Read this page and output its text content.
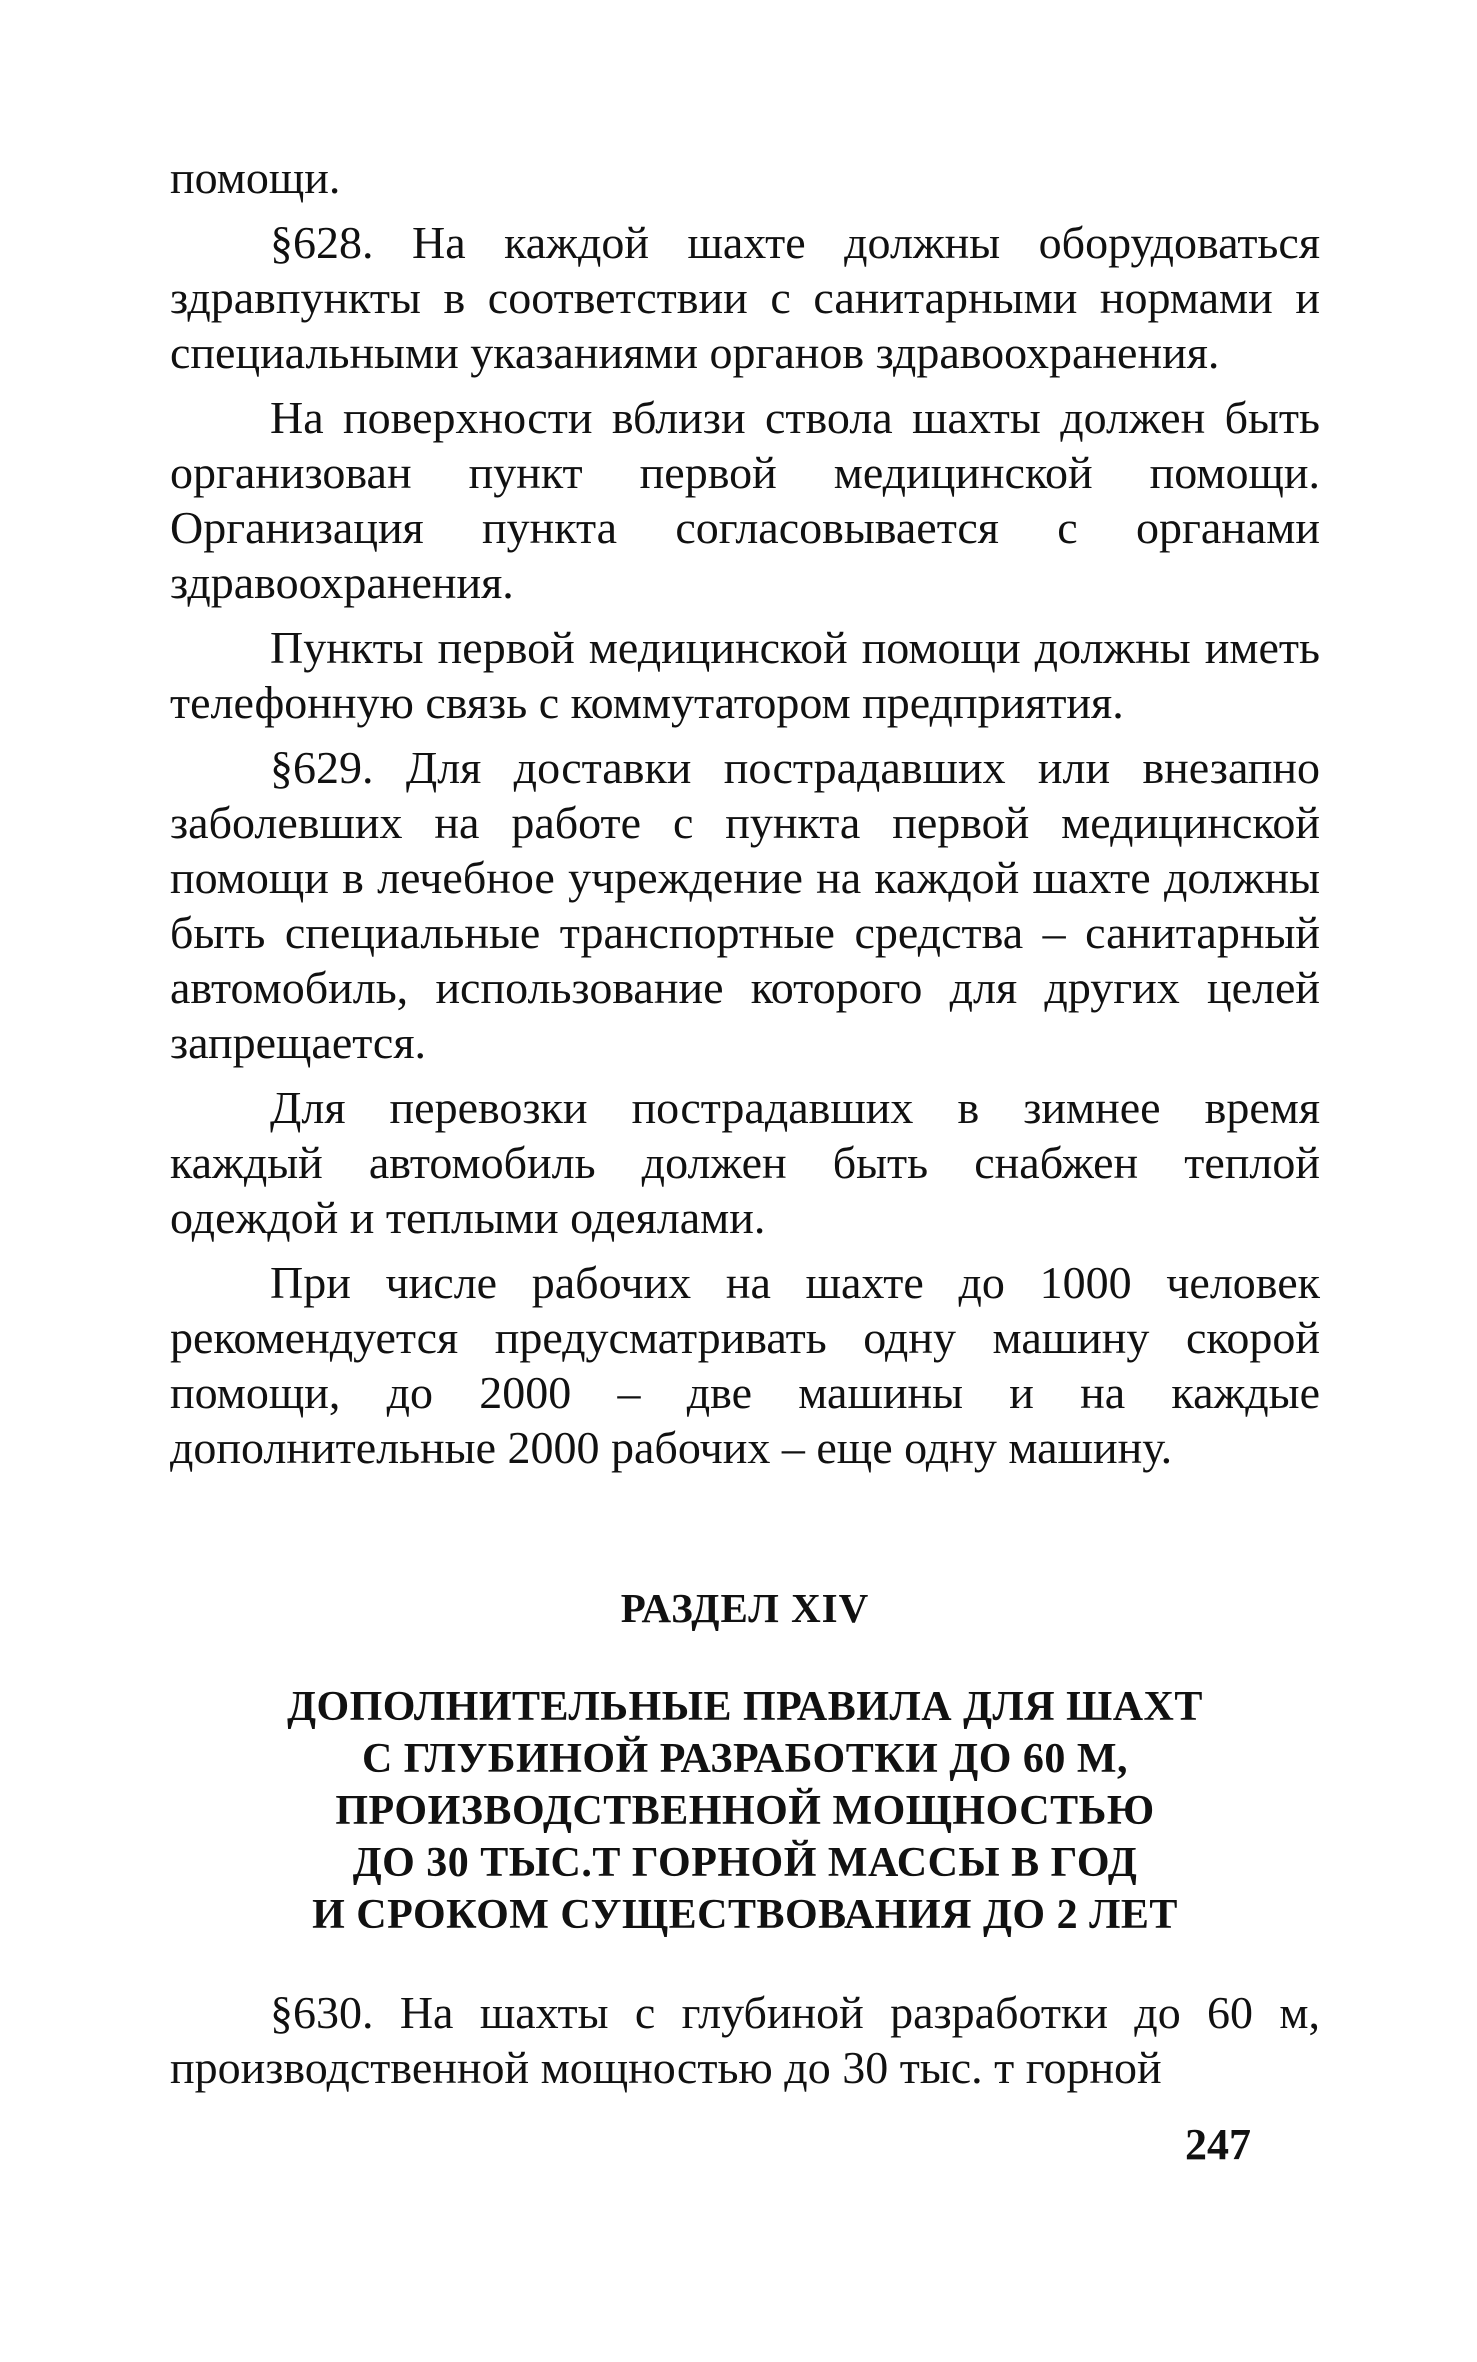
помощи.

§628. На каждой шахте должны оборудоваться здравпункты в соответствии с санитарными нормами и специальными указаниями органов здравоохранения.

На поверхности вблизи ствола шахты должен быть организован пункт первой медицинской помощи. Организация пункта согласовывается с органами здравоохранения.

Пункты первой медицинской помощи должны иметь телефонную связь с коммутатором предприятия.

§629. Для доставки пострадавших или внезапно заболевших на работе с пункта первой медицинской помощи в лечебное учреждение на каждой шахте должны быть специальные транспортные средства – санитарный автомобиль, использование которого для других целей запрещается.

Для перевозки пострадавших в зимнее время каждый автомобиль должен быть снабжен теплой одеждой и теплыми одеялами.

При числе рабочих на шахте до 1000 человек рекомендуется предусматривать одну машину скорой помощи, до 2000 – две машины и на каждые дополнительные 2000 рабочих – еще одну машину.

РАЗДЕЛ XIV
ДОПОЛНИТЕЛЬНЫЕ ПРАВИЛА ДЛЯ ШАХТ
С ГЛУБИНОЙ РАЗРАБОТКИ ДО 60 М,
ПРОИЗВОДСТВЕННОЙ МОЩНОСТЬЮ
ДО 30 ТЫС.Т ГОРНОЙ МАССЫ В ГОД
И СРОКОМ СУЩЕСТВОВАНИЯ ДО 2 ЛЕТ

§630. На шахты с глубиной разработки до 60 м, производственной мощностью до 30 тыс. т горной

247
